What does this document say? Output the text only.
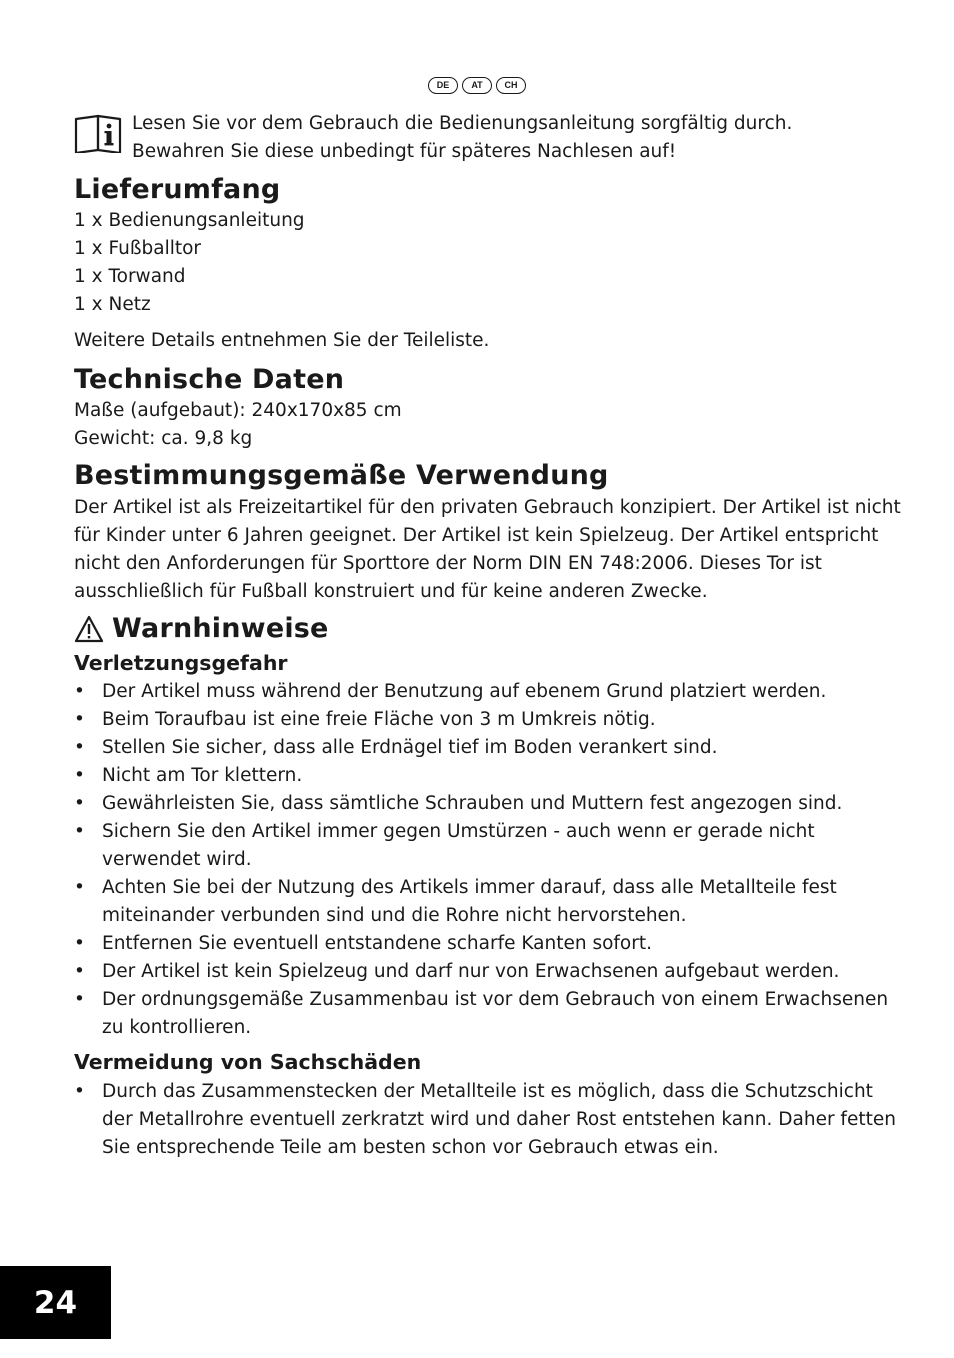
DE	AT	CH
Lesen Sie vor dem Gebrauch die Bedienungsanleitung sorgfältig durch.
Bewahren Sie diese unbedingt für späteres Nachlesen auf!
Lieferumfang
1 x Bedienungsanleitung
1 x Fußballtor
1 x Torwand
1 x Netz
Weitere Details entnehmen Sie der Teileliste.
Technische Daten
Maße (aufgebaut): 240x170x85 cm
Gewicht: ca. 9,8 kg
Bestimmungsgemäße Verwendung
Der Artikel ist als Freizeitartikel für den privaten Gebrauch konzipiert. Der Artikel ist nicht
für Kinder unter 6 Jahren geeignet. Der Artikel ist kein Spielzeug. Der Artikel entspricht
nicht den Anforderungen für Sporttore der Norm DIN EN 748:2006. Dieses Tor ist
ausschließlich für Fußball konstruiert und für keine anderen Zwecke.
Warnhinweise
Verletzungsgefahr
• Der Artikel muss während der Benutzung auf ebenem Grund platziert werden.
• Beim Toraufbau ist eine freie Fläche von 3 m Umkreis nötig.
• Stellen Sie sicher, dass alle Erdnägel tief im Boden verankert sind.
• Nicht am Tor klettern.
• Gewährleisten Sie, dass sämtliche Schrauben und Muttern fest angezogen sind.
• Sichern Sie den Artikel immer gegen Umstürzen - auch wenn er gerade nicht
verwendet wird.
• Achten Sie bei der Nutzung des Artikels immer darauf, dass alle Metallteile fest
miteinander verbunden sind und die Rohre nicht hervorstehen.
• Entfernen Sie eventuell entstandene scharfe Kanten sofort.
• Der Artikel ist kein Spielzeug und darf nur von Erwachsenen aufgebaut werden.
• Der ordnungsgemäße Zusammenbau ist vor dem Gebrauch von einem Erwachsenen
zu kontrollieren.
Vermeidung von Sachschäden
• Durch das Zusammenstecken der Metallteile ist es möglich, dass die Schutzschicht
der Metallrohre eventuell zerkratzt wird und daher Rost entstehen kann. Daher fetten
Sie entsprechende Teile am besten schon vor Gebrauch etwas ein.
24
